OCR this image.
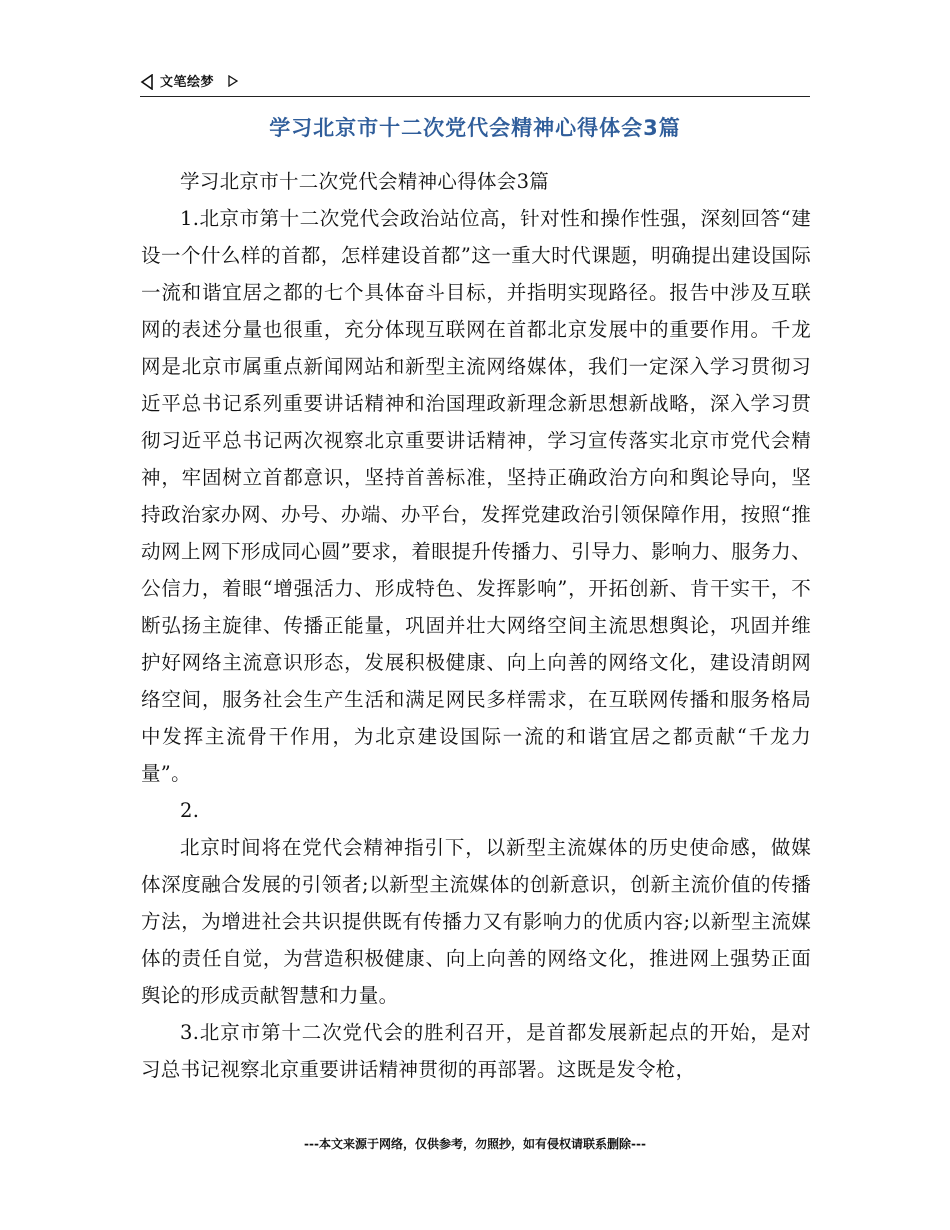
文笔绘梦
学习北京市十二次党代会精神心得体会3篇

学习北京市十二次党代会精神心得体会3篇

1.北京市第十二次党代会政治站位高，针对性和操作性强，深刻回答“建设一个什么样的首都，怎样建设首都”这一重大时代课题，明确提出建设国际一流和谐宜居之都的七个具体奋斗目标，并指明实现路径。报告中涉及互联网的表述分量也很重，充分体现互联网在首都北京发展中的重要作用。千龙网是北京市属重点新闻网站和新型主流网络媒体，我们一定深入学习贯彻习近平总书记系列重要讲话精神和治国理政新理念新思想新战略，深入学习贯彻习近平总书记两次视察北京重要讲话精神，学习宣传落实北京市党代会精神，牢固树立首都意识，坚持首善标准，坚持正确政治方向和舆论导向，坚持政治家办网、办号、办端、办平台，发挥党建政治引领保障作用，按照“推动网上网下形成同心圆”要求，着眼提升传播力、引导力、影响力、服务力、公信力，着眼“增强活力、形成特色、发挥影响”，开拓创新、肯干实干，不断弘扬主旋律、传播正能量，巩固并壮大网络空间主流思想舆论，巩固并维护好网络主流意识形态，发展积极健康、向上向善的网络文化，建设清朗网络空间，服务社会生产生活和满足网民多样需求，在互联网传播和服务格局中发挥主流骨干作用，为北京建设国际一流的和谐宜居之都贡献“千龙力量”。

2.

北京时间将在党代会精神指引下，以新型主流媒体的历史使命感，做媒体深度融合发展的引领者;以新型主流媒体的创新意识，创新主流价值的传播方法，为增进社会共识提供既有传播力又有影响力的优质内容;以新型主流媒体的责任自觉，为营造积极健康、向上向善的网络文化，推进网上强势正面舆论的形成贡献智慧和力量。

3.北京市第十二次党代会的胜利召开，是首都发展新起点的开始，是对习总书记视察北京重要讲话精神贯彻的再部署。这既是发令枪，

---本文来源于网络，仅供参考，勿照抄，如有侵权请联系删除---
